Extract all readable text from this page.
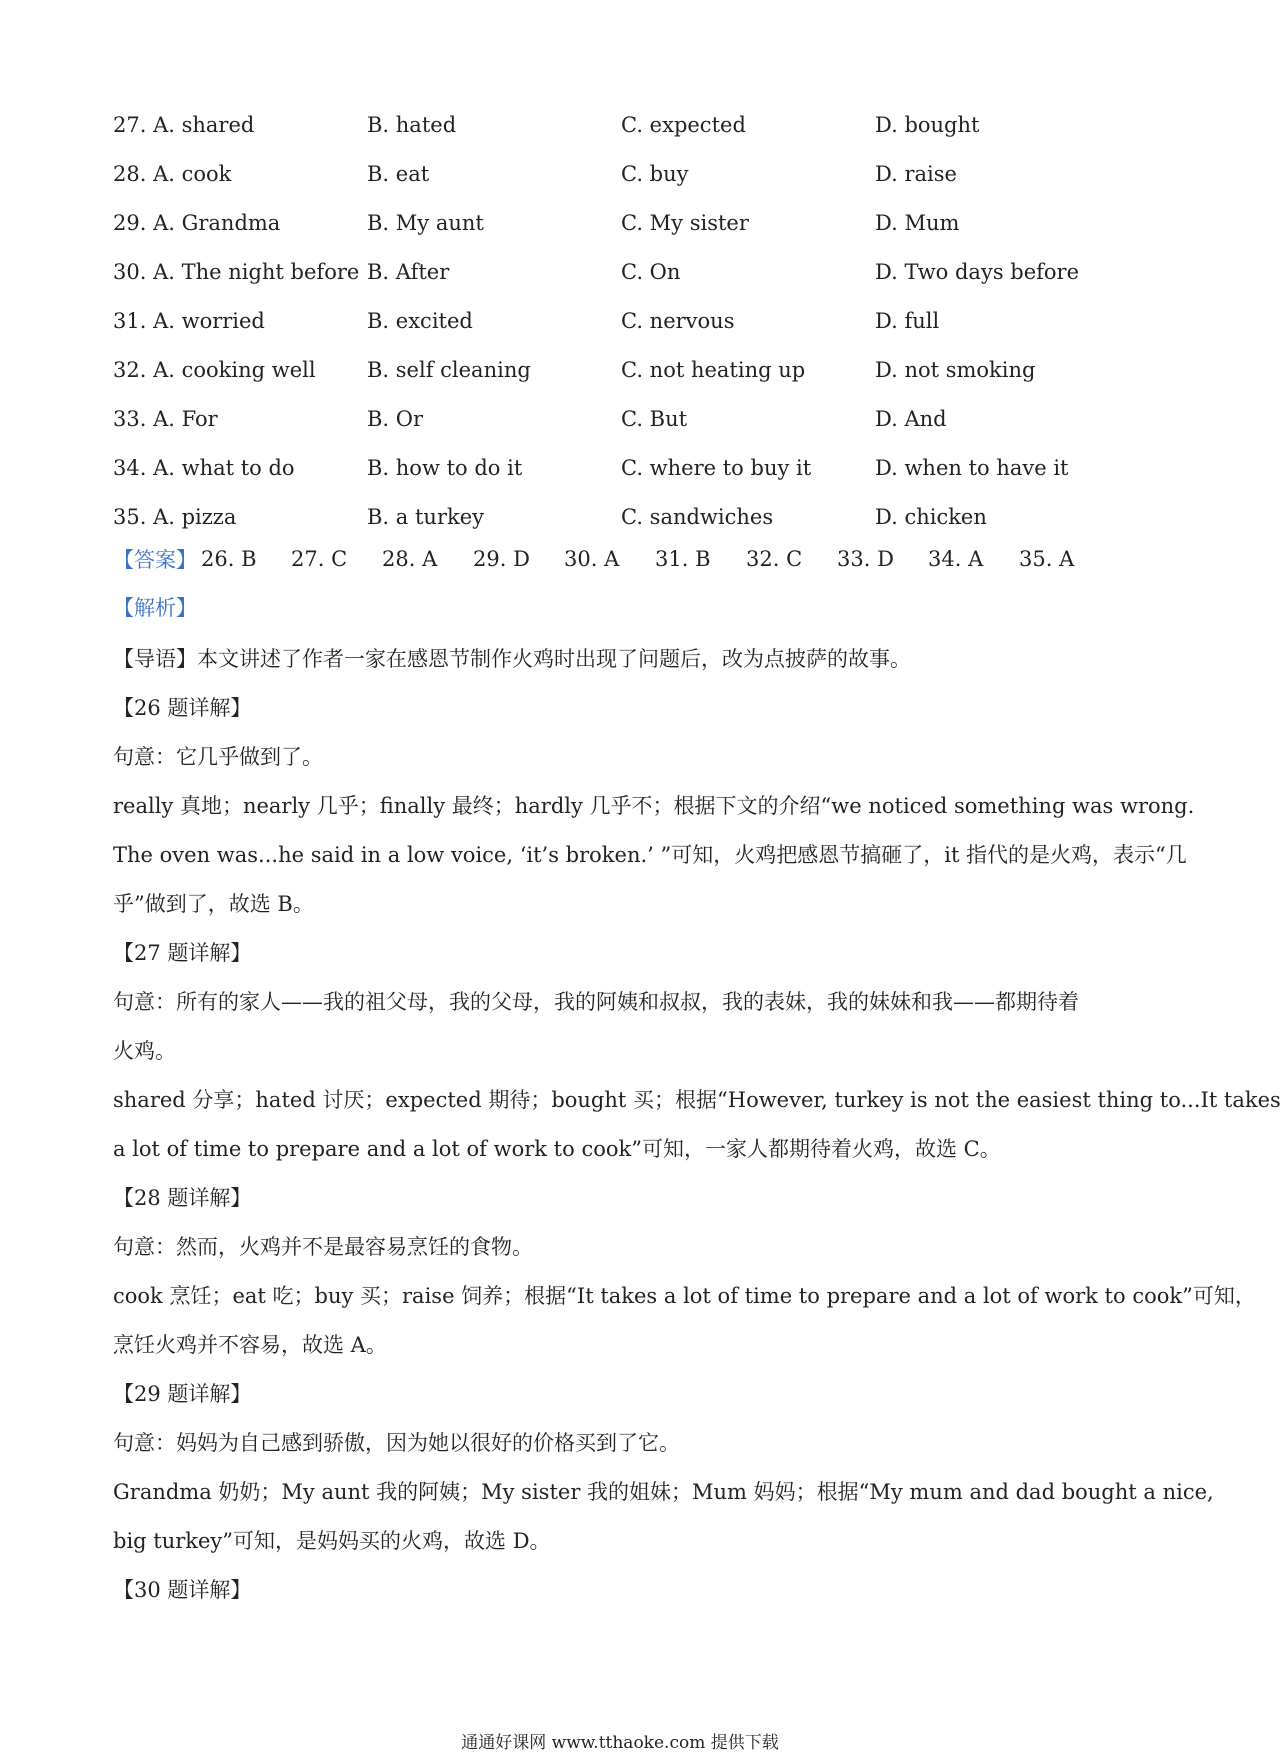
27. A. shared	B. hated	C. expected	D. bought
28. A. cook	B. eat	C. buy	D. raise
29. A. Grandma	B. My aunt	C. My sister	D. Mum
30. A. The night before B. After	C. On	D. Two days before
31. A. worried	B. excited	C. nervous	D. full
32. A. cooking well	B. self cleaning	C. not heating up	D. not smoking
33. A. For	B. Or	C. But	D. And
34. A. what to do	B. how to do it	C. where to buy it	D. when to have it
35. A. pizza	B. a turkey	C. sandwiches	D. chicken
【答案】 26. B	27. C	28. A	29. D	30. A	31. B	32. C	33. D	34. A	35. A
【解析】
【导语】本文讲述了作者一家在感恩节制作火鸡时出现了问题后，改为点披萨的故事。
【26 题详解】
句意：它几乎做到了。
really 真地；nearly 几乎；finally 最终；hardly 几乎不；根据下文的介绍“we noticed something was wrong.
The oven was...he said in a low voice, ‘it’s broken.’ ”可知，火鸡把感恩节搞砸了，it 指代的是火鸡，表示“几
乎”做到了，故选 B。
【27 题详解】
句意：所有的家人——我的祖父母，我的父母，我的阿姨和叔叔，我的表妹，我的妹妹和我——都期待着
火鸡。
shared 分享；hated 讨厌；expected 期待；bought 买；根据“However, turkey is not the easiest thing to...It takes
a lot of time to prepare and a lot of work to cook”可知，一家人都期待着火鸡，故选 C。
【28 题详解】
句意：然而，火鸡并不是最容易烹饪的食物。
cook 烹饪；eat 吃；buy 买；raise 饲养；根据“It takes a lot of time to prepare and a lot of work to cook”可知，
烹饪火鸡并不容易，故选 A。
【29 题详解】
句意：妈妈为自己感到骄傲，因为她以很好的价格买到了它。
Grandma 奶奶；My aunt 我的阿姨；My sister 我的姐妹；Mum 妈妈；根据“My mum and dad bought a nice,
big turkey”可知，是妈妈买的火鸡，故选 D。
【30 题详解】
通通好课网 www.tthaoke.com 提供下载
